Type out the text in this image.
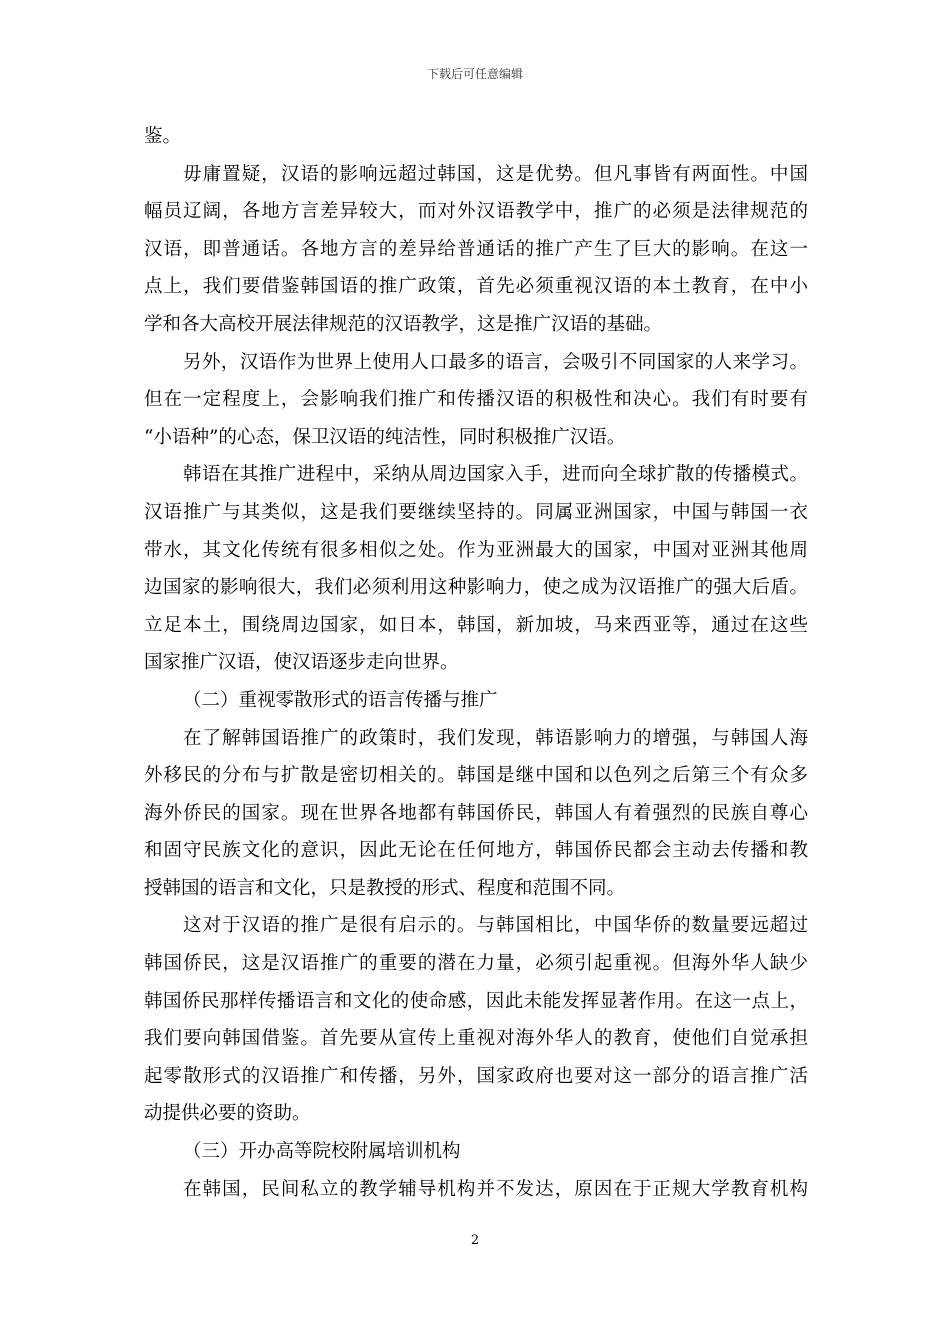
下载后可任意编辑
鉴。
毋庸置疑，汉语的影响远超过韩国，这是优势。但凡事皆有两面性。中国
幅员辽阔，各地方言差异较大，而对外汉语教学中，推广的必须是法律规范的
汉语，即普通话。各地方言的差异给普通话的推广产生了巨大的影响。在这一
点上，我们要借鉴韩国语的推广政策，首先必须重视汉语的本土教育，在中小
学和各大高校开展法律规范的汉语教学，这是推广汉语的基础。
另外，汉语作为世界上使用人口最多的语言，会吸引不同国家的人来学习。
但在一定程度上，会影响我们推广和传播汉语的积极性和决心。我们有时要有
“小语种”的心态，保卫汉语的纯洁性，同时积极推广汉语。
韩语在其推广进程中，采纳从周边国家入手，进而向全球扩散的传播模式。
汉语推广与其类似，这是我们要继续坚持的。同属亚洲国家，中国与韩国一衣
带水，其文化传统有很多相似之处。作为亚洲最大的国家，中国对亚洲其他周
边国家的影响很大，我们必须利用这种影响力，使之成为汉语推广的强大后盾。
立足本土，围绕周边国家，如日本，韩国，新加坡，马来西亚等，通过在这些
国家推广汉语，使汉语逐步走向世界。
（二）重视零散形式的语言传播与推广
在了解韩国语推广的政策时，我们发现，韩语影响力的增强，与韩国人海
外移民的分布与扩散是密切相关的。韩国是继中国和以色列之后第三个有众多
海外侨民的国家。现在世界各地都有韩国侨民，韩国人有着强烈的民族自尊心
和固守民族文化的意识，因此无论在任何地方，韩国侨民都会主动去传播和教
授韩国的语言和文化，只是教授的形式、程度和范围不同。
这对于汉语的推广是很有启示的。与韩国相比，中国华侨的数量要远超过
韩国侨民，这是汉语推广的重要的潜在力量，必须引起重视。但海外华人缺少
韩国侨民那样传播语言和文化的使命感，因此未能发挥显著作用。在这一点上，
我们要向韩国借鉴。首先要从宣传上重视对海外华人的教育，使他们自觉承担
起零散形式的汉语推广和传播，另外，国家政府也要对这一部分的语言推广活
动提供必要的资助。
（三）开办高等院校附属培训机构
在韩国，民间私立的教学辅导机构并不发达，原因在于正规大学教育机构
2
